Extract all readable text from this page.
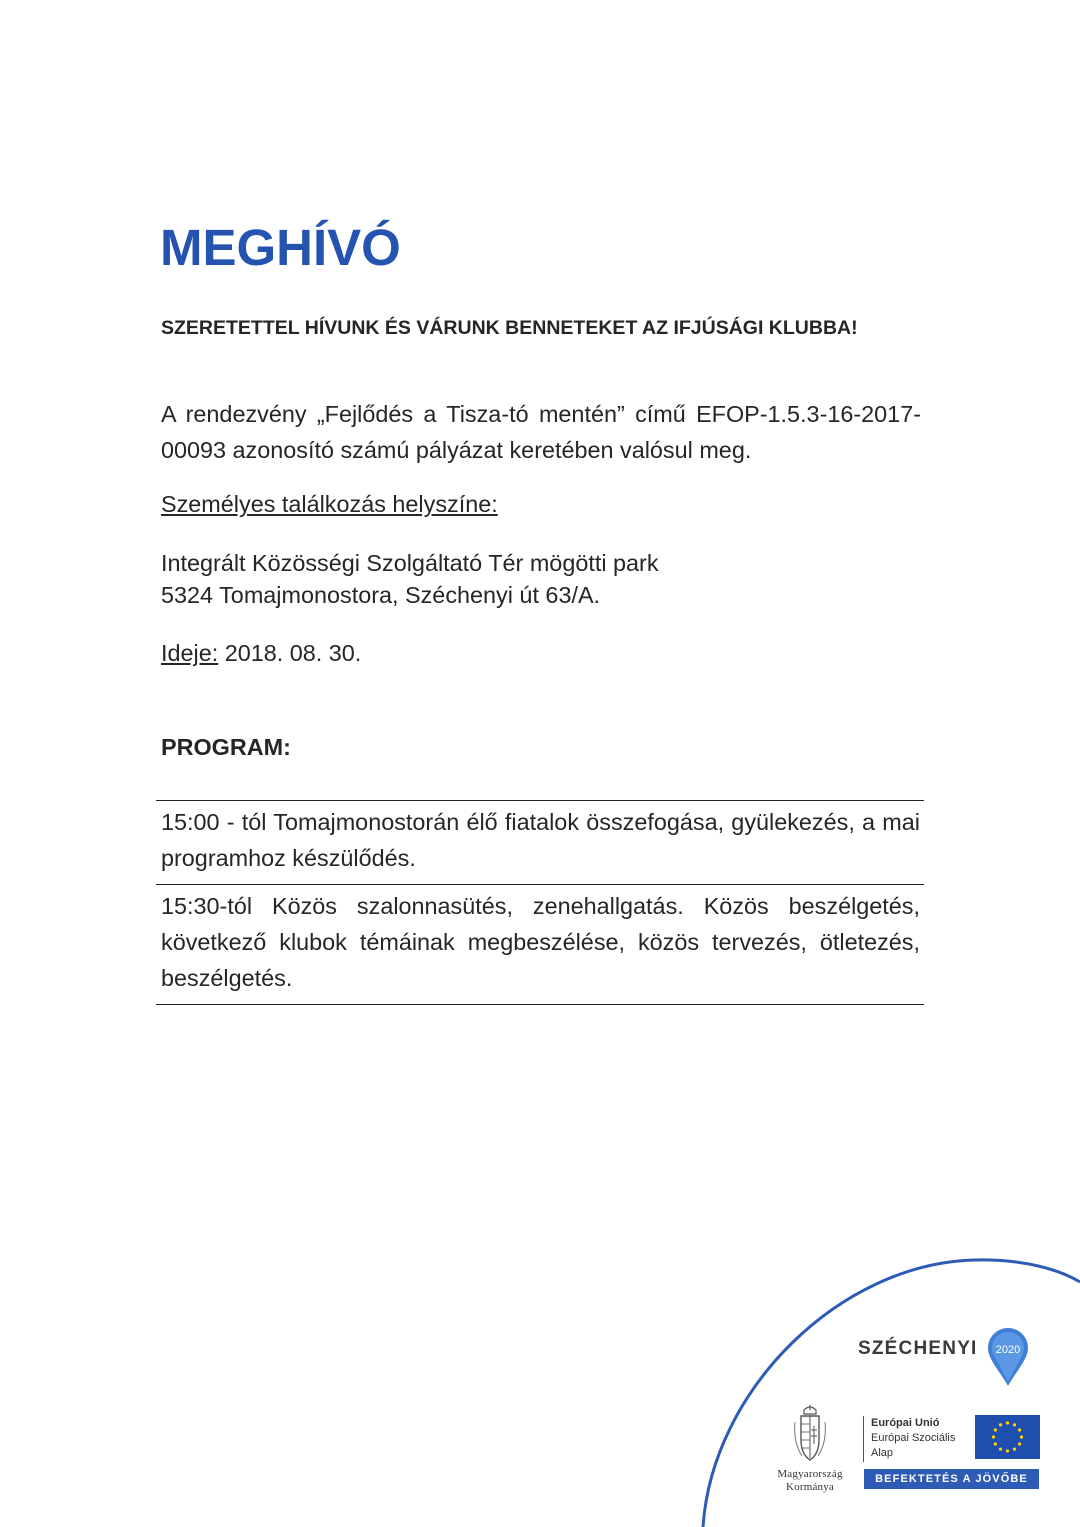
MEGHÍVÓ

SZERETETTEL HÍVUNK ÉS VÁRUNK BENNETEKET AZ IFJÚSÁGI KLUBBA!

A rendezvény „Fejlődés a Tisza-tó mentén” című EFOP-1.5.3-16-2017-00093 azonosító számú pályázat keretében valósul meg.

Személyes találkozás helyszíne:

Integrált Közösségi Szolgáltató Tér mögötti park

5324 Tomajmonostora, Széchenyi út 63/A.

Ideje: 2018. 08. 30.

PROGRAM:

15:00 - tól Tomajmonostorán élő fiatalok összefogása, gyülekezés, a mai programhoz készülődés.
15:30-tól Közös szalonnasütés, zenehallgatás. Közös beszélgetés, következő klubok témáinak megbeszélése, közös tervezés, ötletezés, beszélgetés.
SZÉCHENYI 2020
Magyarország
Kormánya
Európai Unió
Európai Szociális
Alap
BEFEKTETÉS A JÖVŐBE
